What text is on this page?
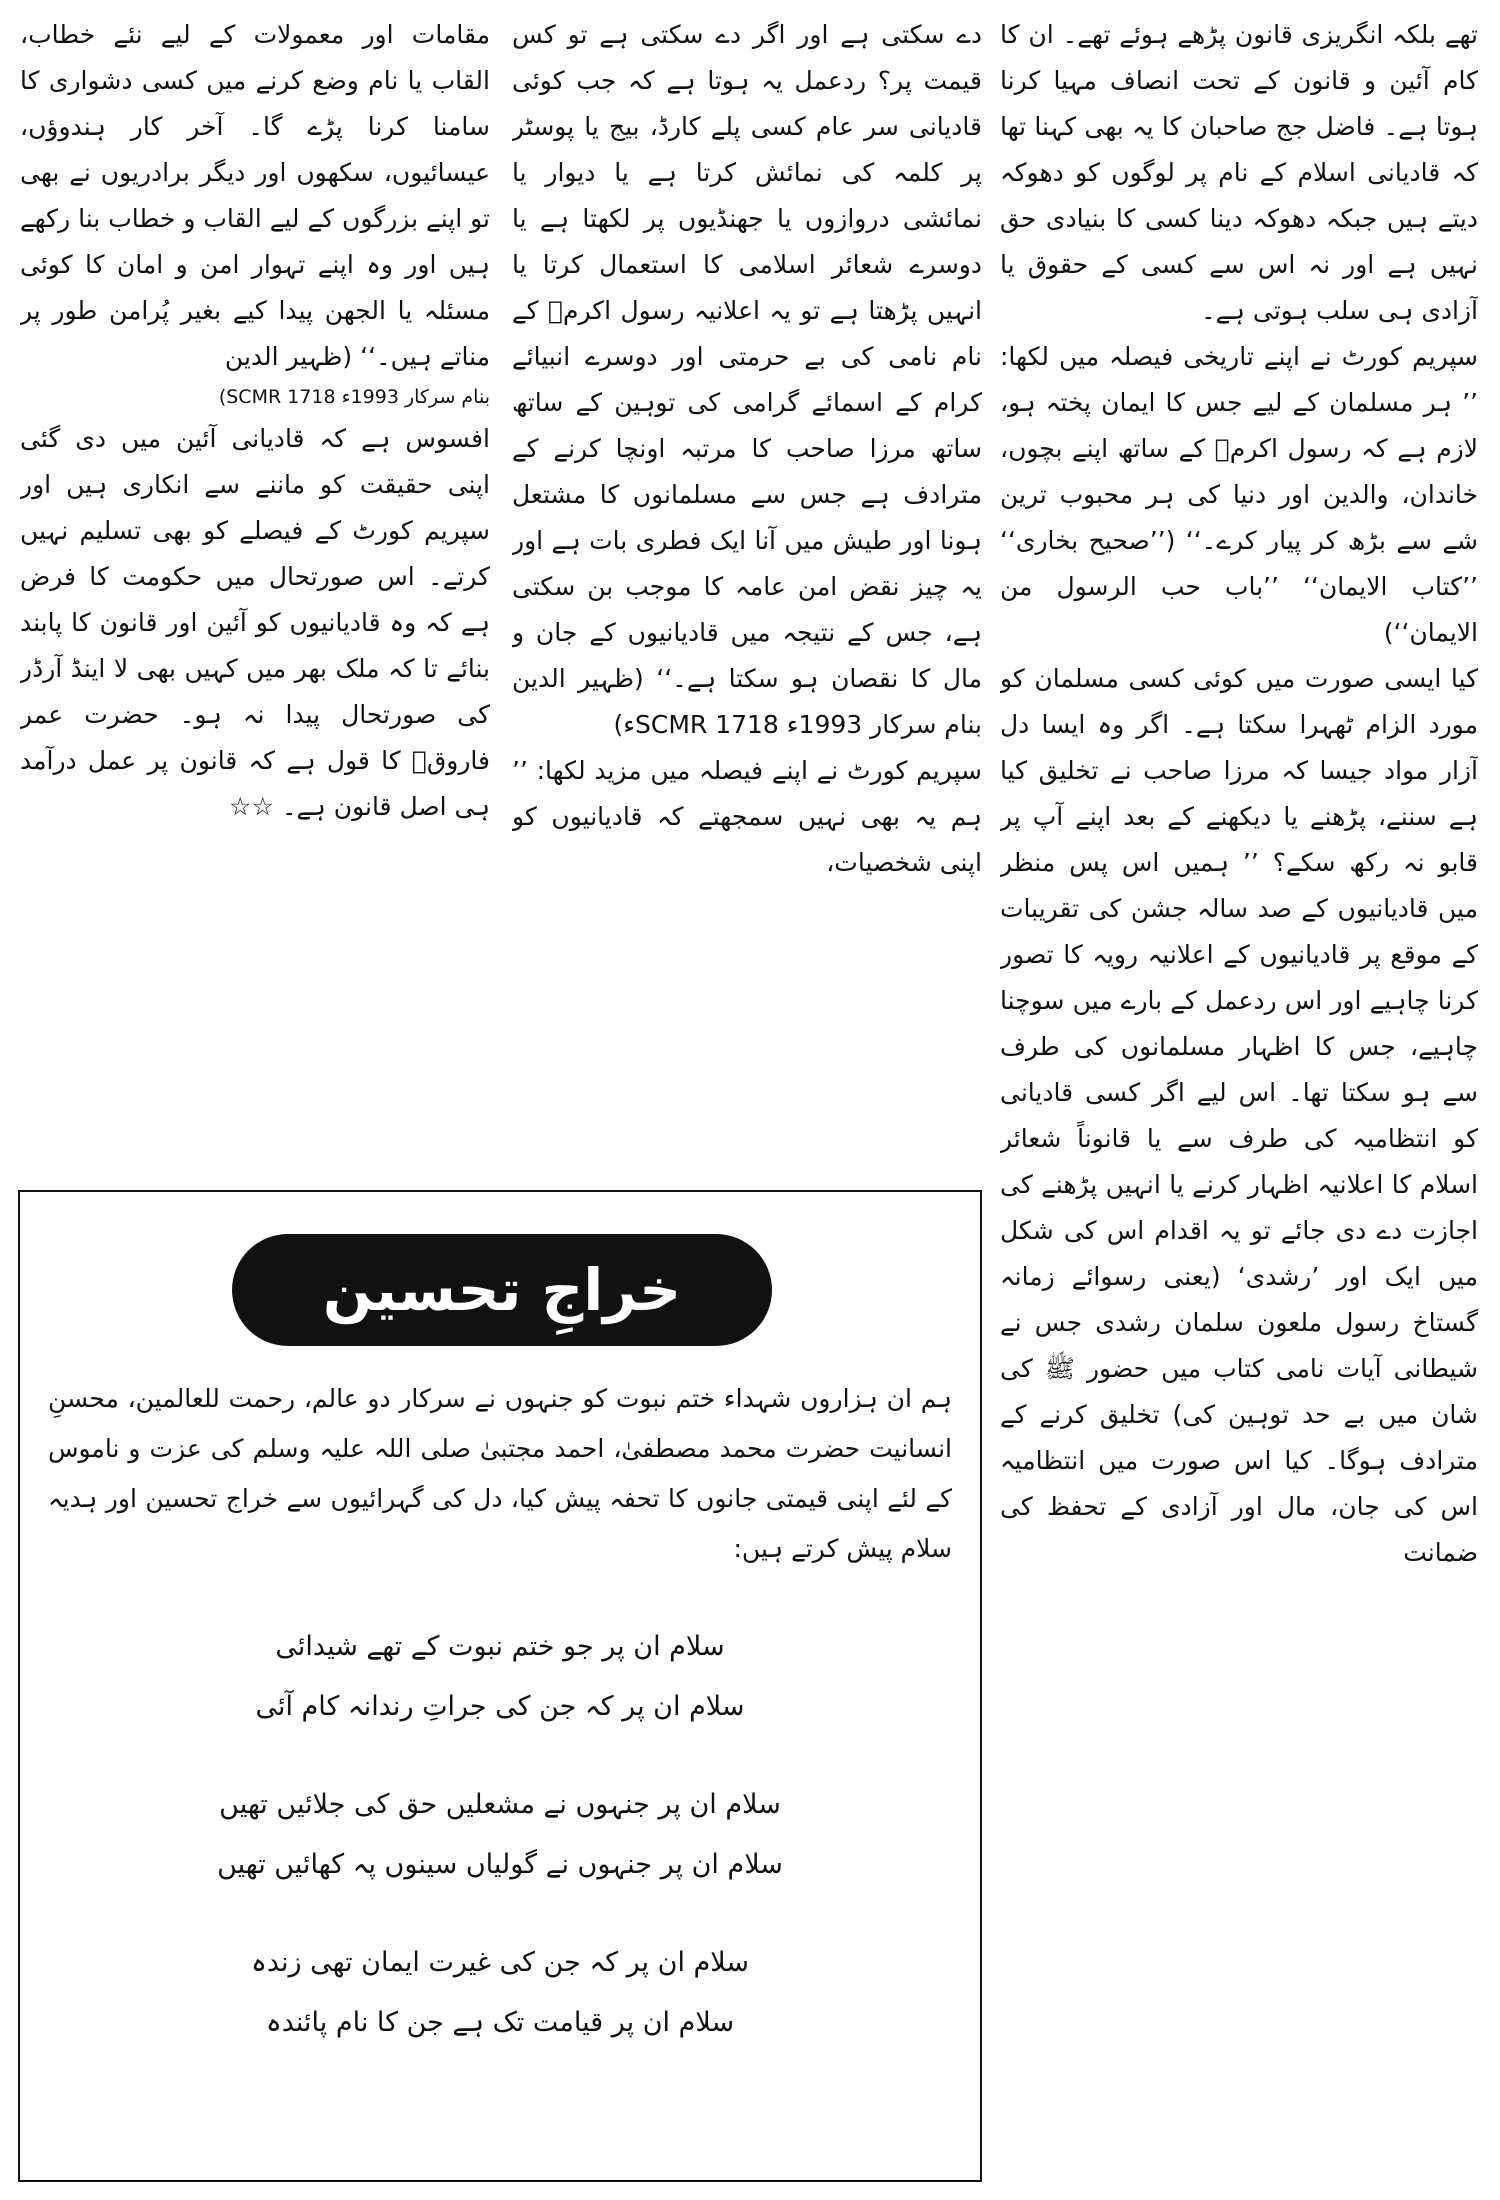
تھے بلکہ انگریزی قانون پڑھے ہوئے تھے۔ ان کا کام آئین و قانون کے تحت انصاف مہیا کرنا ہوتا ہے۔ فاضل جج صاحبان کا یہ بھی کہنا تھا کہ قادیانی اسلام کے نام پر لوگوں کو دھوکہ دیتے ہیں جبکہ دھوکہ دینا کسی کا بنیادی حق نہیں ہے اور نہ اس سے کسی کے حقوق یا آزادی ہی سلب ہوتی ہے۔

سپریم کورٹ نے اپنے تاریخی فیصلہ میں لکھا: ’’ ہر مسلمان کے لیے جس کا ایمان پختہ ہو، لازم ہے کہ رسول اکرمؐ کے ساتھ اپنے بچوں، خاندان، والدین اور دنیا کی ہر محبوب ترین شے سے بڑھ کر پیار کرے۔‘‘ (’’صحیح بخاری‘‘ ’’کتاب الایمان‘‘ ’’باب حب الرسول من الایمان‘‘)

کیا ایسی صورت میں کوئی کسی مسلمان کو مورد الزام ٹھہرا سکتا ہے۔ اگر وہ ایسا دل آزار مواد جیسا کہ مرزا صاحب نے تخلیق کیا ہے سننے، پڑھنے یا دیکھنے کے بعد اپنے آپ پر قابو نہ رکھ سکے؟ ’’ ہمیں اس پس منظر میں قادیانیوں کے صد سالہ جشن کی تقریبات کے موقع پر قادیانیوں کے اعلانیہ رویہ کا تصور کرنا چاہیے اور اس ردعمل کے بارے میں سوچنا چاہیے، جس کا اظہار مسلمانوں کی طرف سے ہو سکتا تھا۔ اس لیے اگر کسی قادیانی کو انتظامیہ کی طرف سے یا قانوناً شعائر اسلام کا اعلانیہ اظہار کرنے یا انہیں پڑھنے کی اجازت دے دی جائے تو یہ اقدام اس کی شکل میں ایک اور ’رشدی‘ (یعنی رسوائے زمانہ گستاخ رسول ملعون سلمان رشدی جس نے شیطانی آیات نامی کتاب میں حضور ﷺ کی شان میں بے حد توہین کی) تخلیق کرنے کے مترادف ہوگا۔ کیا اس صورت میں انتظامیہ اس کی جان، مال اور آزادی کے تحفظ کی ضمانت

دے سکتی ہے اور اگر دے سکتی ہے تو کس قیمت پر؟ ردعمل یہ ہوتا ہے کہ جب کوئی قادیانی سر عام کسی پلے کارڈ، بیج یا پوسٹر پر کلمہ کی نمائش کرتا ہے یا دیوار یا نمائشی دروازوں یا جھنڈیوں پر لکھتا ہے یا دوسرے شعائر اسلامی کا استعمال کرتا یا انہیں پڑھتا ہے تو یہ اعلانیہ رسول اکرمؐ کے نام نامی کی بے حرمتی اور دوسرے انبیائے کرام کے اسمائے گرامی کی توہین کے ساتھ ساتھ مرزا صاحب کا مرتبہ اونچا کرنے کے مترادف ہے جس سے مسلمانوں کا مشتعل ہونا اور طیش میں آنا ایک فطری بات ہے اور یہ چیز نقض امن عامہ کا موجب بن سکتی ہے، جس کے نتیجہ میں قادیانیوں کے جان و مال کا نقصان ہو سکتا ہے۔‘‘ (ظہیر الدین بنام سرکار 1993ء SCMR 1718ء)

سپریم کورٹ نے اپنے فیصلہ میں مزید لکھا: ’’ ہم یہ بھی نہیں سمجھتے کہ قادیانیوں کو اپنی شخصیات،

مقامات اور معمولات کے لیے نئے خطاب، القاب یا نام وضع کرنے میں کسی دشواری کا سامنا کرنا پڑے گا۔ آخر کار ہندوؤں، عیسائیوں، سکھوں اور دیگر برادریوں نے بھی تو اپنے بزرگوں کے لیے القاب و خطاب بنا رکھے ہیں اور وہ اپنے تہوار امن و امان کا کوئی مسئلہ یا الجھن پیدا کیے بغیر پُرامن طور پر مناتے ہیں۔‘‘ (ظہیر الدین

بنام سرکار 1993ء 1718 SCMR)

افسوس ہے کہ قادیانی آئین میں دی گئی اپنی حقیقت کو ماننے سے انکاری ہیں اور سپریم کورٹ کے فیصلے کو بھی تسلیم نہیں کرتے۔ اس صورتحال میں حکومت کا فرض ہے کہ وہ قادیانیوں کو آئین اور قانون کا پابند بنائے تا کہ ملک بھر میں کہیں بھی لا اینڈ آرڈر کی صورتحال پیدا نہ ہو۔ حضرت عمر فاروقؓ کا قول ہے کہ قانون پر عمل درآمد ہی اصل قانون ہے۔ ☆☆

خراجِ تحسین

ہم ان ہزاروں شہداء ختم نبوت کو جنہوں نے سرکار دو عالم، رحمت للعالمین، محسنِ انسانیت حضرت محمد مصطفیٰ، احمد مجتبیٰ صلی اللہ علیہ وسلم کی عزت و ناموس کے لئے اپنی قیمتی جانوں کا تحفہ پیش کیا، دل کی گہرائیوں سے خراج تحسین اور ہدیہ سلام پیش کرتے ہیں:

سلام ان پر جو ختم نبوت کے تھے شیدائی
سلام ان پر کہ جن کی جراتِ رندانہ کام آئی
سلام ان پر جنہوں نے مشعلیں حق کی جلائیں تھیں
سلام ان پر جنہوں نے گولیاں سینوں پہ کھائیں تھیں
سلام ان پر کہ جن کی غیرت ایمان تھی زندہ
سلام ان پر قیامت تک ہے جن کا نام پائندہ
